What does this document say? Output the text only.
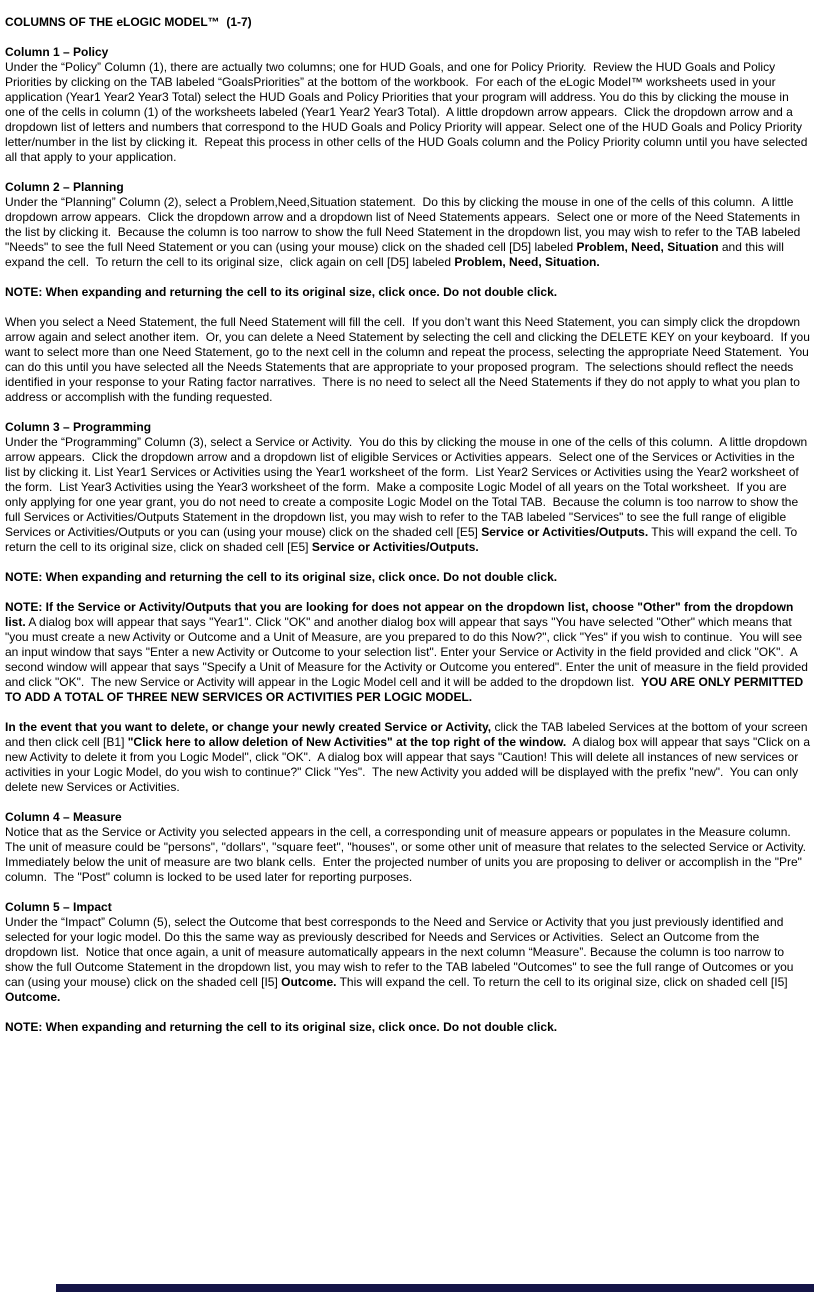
COLUMNS OF THE eLOGIC MODEL™  (1-7)
Column 1 – Policy
Under the “Policy” Column (1), there are actually two columns; one for HUD Goals, and one for Policy Priority.  Review the HUD Goals and Policy Priorities by clicking on the TAB labeled “GoalsPriorities” at the bottom of the workbook.  For each of the eLogic Model™ worksheets used in your application (Year1 Year2 Year3 Total) select the HUD Goals and Policy Priorities that your program will address. You do this by clicking the mouse in one of the cells in column (1) of the worksheets labeled (Year1 Year2 Year3 Total).  A little dropdown arrow appears.  Click the dropdown arrow and a dropdown list of letters and numbers that correspond to the HUD Goals and Policy Priority will appear. Select one of the HUD Goals and Policy Priority letter/number in the list by clicking it.  Repeat this process in other cells of the HUD Goals column and the Policy Priority column until you have selected all that apply to your application.
Column 2 – Planning
Under the “Planning” Column (2), select a Problem,Need,Situation statement.  Do this by clicking the mouse in one of the cells of this column.  A little dropdown arrow appears.  Click the dropdown arrow and a dropdown list of Need Statements appears.  Select one or more of the Need Statements in the list by clicking it.  Because the column is too narrow to show the full Need Statement in the dropdown list, you may wish to refer to the TAB labeled "Needs" to see the full Need Statement or you can (using your mouse) click on the shaded cell [D5] labeled Problem, Need, Situation and this will expand the cell.  To return the cell to its original size,  click again on cell [D5] labeled Problem, Need, Situation.
NOTE: When expanding and returning the cell to its original size, click once. Do not double click.
When you select a Need Statement, the full Need Statement will fill the cell.  If you don’t want this Need Statement, you can simply click the dropdown arrow again and select another item.  Or, you can delete a Need Statement by selecting the cell and clicking the DELETE KEY on your keyboard.  If you want to select more than one Need Statement, go to the next cell in the column and repeat the process, selecting the appropriate Need Statement.  You can do this until you have selected all the Needs Statements that are appropriate to your proposed program.  The selections should reflect the needs identified in your response to your Rating factor narratives.  There is no need to select all the Need Statements if they do not apply to what you plan to address or accomplish with the funding requested.
Column 3 – Programming
Under the “Programming” Column (3), select a Service or Activity.  You do this by clicking the mouse in one of the cells of this column.  A little dropdown arrow appears.  Click the dropdown arrow and a dropdown list of eligible Services or Activities appears.  Select one of the Services or Activities in the list by clicking it. List Year1 Services or Activities using the Year1 worksheet of the form.  List Year2 Services or Activities using the Year2 worksheet of the form.  List Year3 Activities using the Year3 worksheet of the form.  Make a composite Logic Model of all years on the Total worksheet.  If you are only applying for one year grant, you do not need to create a composite Logic Model on the Total TAB.  Because the column is too narrow to show the full Services or Activities/Outputs Statement in the dropdown list, you may wish to refer to the TAB labeled "Services" to see the full range of eligible Services or Activities/Outputs or you can (using your mouse) click on the shaded cell [E5] Service or Activities/Outputs. This will expand the cell. To return the cell to its original size, click on shaded cell [E5] Service or Activities/Outputs.
NOTE: When expanding and returning the cell to its original size, click once. Do not double click.
NOTE: If the Service or Activity/Outputs that you are looking for does not appear on the dropdown list, choose "Other" from the dropdown list. A dialog box will appear that says "Year1". Click "OK" and another dialog box will appear that says "You have selected "Other" which means that "you must create a new Activity or Outcome and a Unit of Measure, are you prepared to do this Now?", click "Yes" if you wish to continue.  You will see an input window that says "Enter a new Activity or Outcome to your selection list". Enter your Service or Activity in the field provided and click "OK".  A second window will appear that says "Specify a Unit of Measure for the Activity or Outcome you entered". Enter the unit of measure in the field provided and click "OK".  The new Service or Activity will appear in the Logic Model cell and it will be added to the dropdown list.  YOU ARE ONLY PERMITTED TO ADD A TOTAL OF THREE NEW SERVICES OR ACTIVITIES PER LOGIC MODEL.
In the event that you want to delete, or change your newly created Service or Activity, click the TAB labeled Services at the bottom of your screen and then click cell [B1] "Click here to allow deletion of New Activities" at the top right of the window.  A dialog box will appear that says "Click on a new Activity to delete it from you Logic Model", click "OK".  A dialog box will appear that says "Caution! This will delete all instances of new services or activities in your Logic Model, do you wish to continue?" Click "Yes".  The new Activity you added will be displayed with the prefix "new".  You can only delete new Services or Activities.
Column 4 – Measure
Notice that as the Service or Activity you selected appears in the cell, a corresponding unit of measure appears or populates in the Measure column.  The unit of measure could be "persons", "dollars", "square feet", "houses", or some other unit of measure that relates to the selected Service or Activity.  Immediately below the unit of measure are two blank cells.  Enter the projected number of units you are proposing to deliver or accomplish in the "Pre" column.  The "Post" column is locked to be used later for reporting purposes.
Column 5 – Impact
Under the “Impact” Column (5), select the Outcome that best corresponds to the Need and Service or Activity that you just previously identified and selected for your logic model. Do this the same way as previously described for Needs and Services or Activities.  Select an Outcome from the dropdown list.  Notice that once again, a unit of measure automatically appears in the next column “Measure”. Because the column is too narrow to show the full Outcome Statement in the dropdown list, you may wish to refer to the TAB labeled "Outcomes" to see the full range of Outcomes or you can (using your mouse) click on the shaded cell [I5] Outcome. This will expand the cell. To return the cell to its original size, click on shaded cell [I5] Outcome.
NOTE: When expanding and returning the cell to its original size, click once. Do not double click.
